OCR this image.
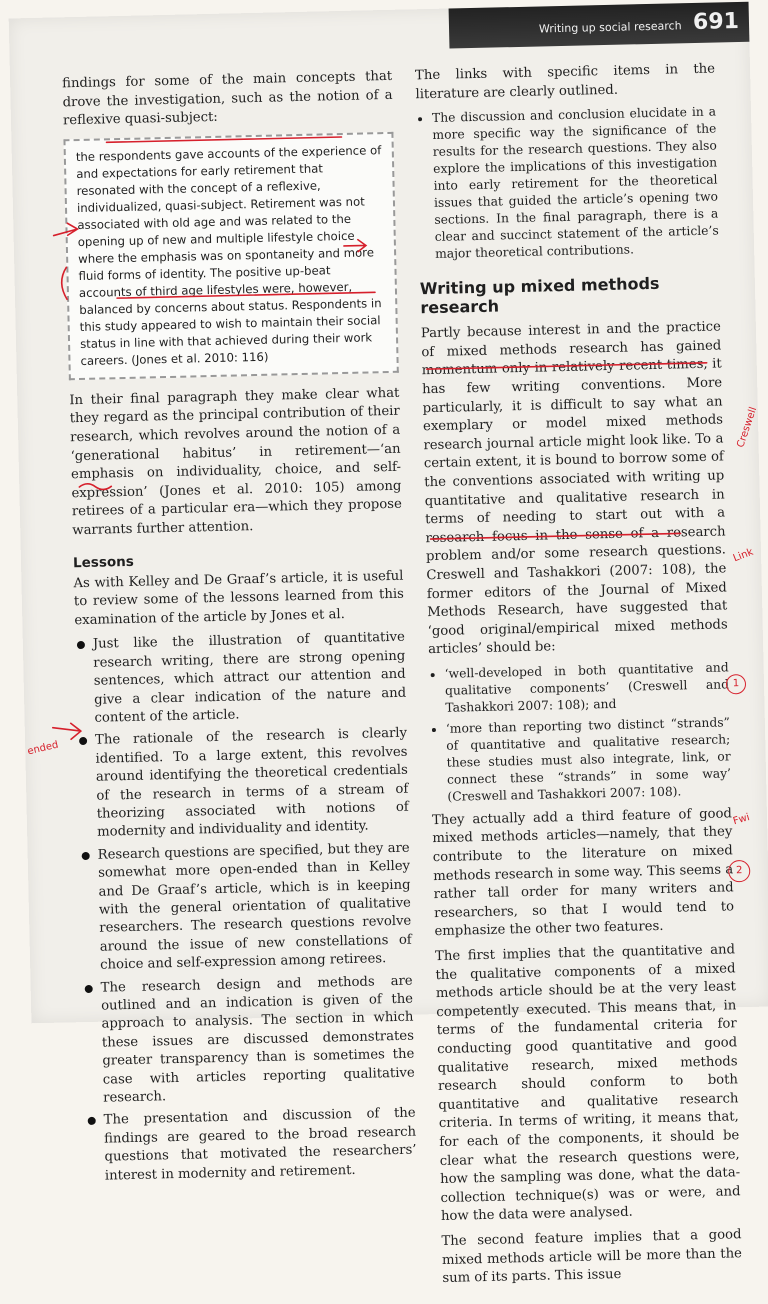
Writing up social research 691

findings for some of the main concepts that drove the investigation, such as the notion of a reflexive quasi-subject:

the respondents gave accounts of the experience of and expectations for early retirement that resonated with the concept of a reflexive, individualized, quasi-subject. Retirement was not associated with old age and was related to the opening up of new and multiple lifestyle choice where the emphasis was on spontaneity and more fluid forms of identity. The positive up-beat accounts of third age lifestyles were, however, balanced by concerns about status. Respondents in this study appeared to wish to maintain their social status in line with that achieved during their work careers. (Jones et al. 2010: 116)

In their final paragraph they make clear what they regard as the principal contribution of their research, which revolves around the notion of a ‘generational habitus’ in retirement—‘an emphasis on individuality, choice, and self-expression’ (Jones et al. 2010: 105) among retirees of a particular era—which they propose warrants further attention.

Lessons

As with Kelley and De Graaf’s article, it is useful to review some of the lessons learned from this examination of the article by Jones et al.

Just like the illustration of quantitative research writing, there are strong opening sentences, which attract our attention and give a clear indication of the nature and content of the article.
The rationale of the research is clearly identified. To a large extent, this revolves around identifying the theoretical credentials of the research in terms of a stream of theorizing associated with notions of modernity and individuality and identity.
Research questions are specified, but they are somewhat more open-ended than in Kelley and De Graaf’s article, which is in keeping with the general orientation of qualitative researchers. The research questions revolve around the issue of new constellations of choice and self-expression among retirees.
The research design and methods are outlined and an indication is given of the approach to analysis. The section in which these issues are discussed demonstrates greater transparency than is sometimes the case with articles reporting qualitative research.
The presentation and discussion of the findings are geared to the broad research questions that motivated the researchers’ interest in modernity and retirement.

The links with specific items in the literature are clearly outlined.

• The discussion and conclusion elucidate in a more specific way the significance of the results for the research questions. They also explore the implications of this investigation into early retirement for the theoretical issues that guided the article’s opening two sections. In the final paragraph, there is a clear and succinct statement of the article’s major theoretical contributions.
Writing up mixed methods research

Partly because interest in and the practice of mixed methods research has gained momentum only in relatively recent times, it has few writing conventions. More particularly, it is difficult to say what an exemplary or model mixed methods research journal article might look like. To a certain extent, it is bound to borrow some of the conventions associated with writing up quantitative and qualitative research in terms of needing to start out with a research focus in the sense of a research problem and/or some research questions. Creswell and Tashakkori (2007: 108), the former editors of the Journal of Mixed Methods Research, have suggested that ‘good original/empirical mixed methods articles’ should be:

• ‘well-developed in both quantitative and qualitative components’ (Creswell and Tashakkori 2007: 108); and
• ‘more than reporting two distinct “strands” of quantitative and qualitative research; these studies must also integrate, link, or connect these “strands” in some way’ (Creswell and Tashakkori 2007: 108).

They actually add a third feature of good mixed methods articles—namely, that they contribute to the literature on mixed methods research in some way. This seems a rather tall order for many writers and researchers, so that I would tend to emphasize the other two features.

The first implies that the quantitative and the qualitative components of a mixed methods article should be at the very least competently executed. This means that, in terms of the fundamental criteria for conducting good quantitative and good qualitative research, mixed methods research should conform to both quantitative and qualitative research criteria. In terms of writing, it means that, for each of the components, it should be clear what the research questions were, how the sampling was done, what the data-collection technique(s) was or were, and how the data were analysed.

The second feature implies that a good mixed methods article will be more than the sum of its parts. This issue

ended
Creswell
Link
Fwi
1
2
